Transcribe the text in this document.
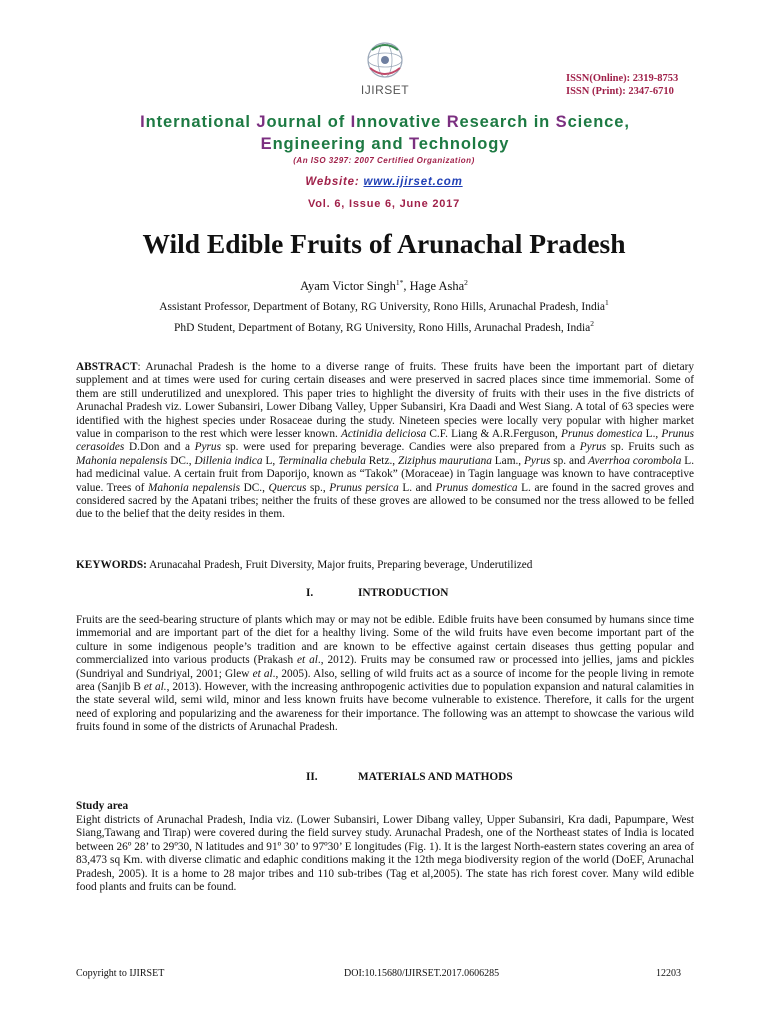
IJIRSET
ISSN(Online): 2319-8753
ISSN (Print): 2347-6710
International Journal of Innovative Research in Science,
Engineering and Technology
(An ISO 3297: 2007 Certified Organization)
Website: www.ijirset.com
Vol. 6, Issue 6, June 2017
Wild Edible Fruits of Arunachal Pradesh
Ayam Victor Singh$^{1*}$, Hage Asha$^2$
Assistant Professor, Department of Botany, RG University, Rono Hills, Arunachal Pradesh, India$^1$
PhD Student, Department of Botany, RG University, Rono Hills, Arunachal Pradesh, India$^2$
ABSTRACT: Arunachal Pradesh is the home to a diverse range of fruits. These fruits have been the important part of dietary supplement and at times were used for curing certain diseases and were preserved in sacred places since time immemorial. Some of them are still underutilized and unexplored. This paper tries to highlight the diversity of fruits with their uses in the five districts of Arunachal Pradesh viz. Lower Subansiri, Lower Dibang Valley, Upper Subansiri, Kra Daadi and West Siang. A total of 63 species were identified with the highest species under Rosaceae during the study. Nineteen species were locally very popular with higher market value in comparison to the rest which were lesser known. Actinidia deliciosa C.F. Liang & A.R.Ferguson, Prunus domestica L., Prunus cerasoides D.Don and a Pyrus sp. were used for preparing beverage. Candies were also prepared from a Pyrus sp. Fruits such as Mahonia nepalensis DC., Dillenia indica L, Terminalia chebula Retz., Ziziphus maurutiana Lam., Pyrus sp. and Averrhoa corombola L. had medicinal value. A certain fruit from Daporijo, known as “Takok” (Moraceae) in Tagin language was known to have contraceptive value. Trees of Mahonia nepalensis DC., Quercus sp., Prunus persica L. and Prunus domestica L. are found in the sacred groves and considered sacred by the Apatani tribes; neither the fruits of these groves are allowed to be consumed nor the tress allowed to be felled due to the belief that the deity resides in them.
KEYWORDS: Arunacahal Pradesh, Fruit Diversity, Major fruits, Preparing beverage, Underutilized
I.	INTRODUCTION
Fruits are the seed-bearing structure of plants which may or may not be edible. Edible fruits have been consumed by humans since time immemorial and are important part of the diet for a healthy living. Some of the wild fruits have even become important part of the culture in some indigenous people’s tradition and are known to be effective against certain diseases thus getting popular and commercialized into various products (Prakash et al., 2012). Fruits may be consumed raw or processed into jellies, jams and pickles (Sundriyal and Sundriyal, 2001; Glew et al., 2005). Also, selling of wild fruits act as a source of income for the people living in remote area (Sanjib B et al., 2013). However, with the increasing anthropogenic activities due to population expansion and natural calamities in the state several wild, semi wild, minor and less known fruits have become vulnerable to existence. Therefore, it calls for the urgent need of exploring and popularizing and the awareness for their importance. The following was an attempt to showcase the various wild fruits found in some of the districts of Arunachal Pradesh.
II.	MATERIALS AND MATHODS
Study area
Eight districts of Arunachal Pradesh, India viz. (Lower Subansiri, Lower Dibang valley, Upper Subansiri, Kra dadi, Papumpare, West Siang,Tawang and Tirap) were covered during the field survey study. Arunachal Pradesh, one of the Northeast states of India is located between 26º 28’ to 29º30, N latitudes and 91º 30’ to 97º30’ E longitudes (Fig. 1). It is the largest North-eastern states covering an area of 83,473 sq Km. with diverse climatic and edaphic conditions making it the 12th mega biodiversity region of the world (DoEF, Arunachal Pradesh, 2005). It is a home to 28 major tribes and 110 sub-tribes (Tag et al,2005). The state has rich forest cover. Many wild edible food plants and fruits can be found.
Copyright to IJIRSET	DOI:10.15680/IJIRSET.2017.0606285	12203
